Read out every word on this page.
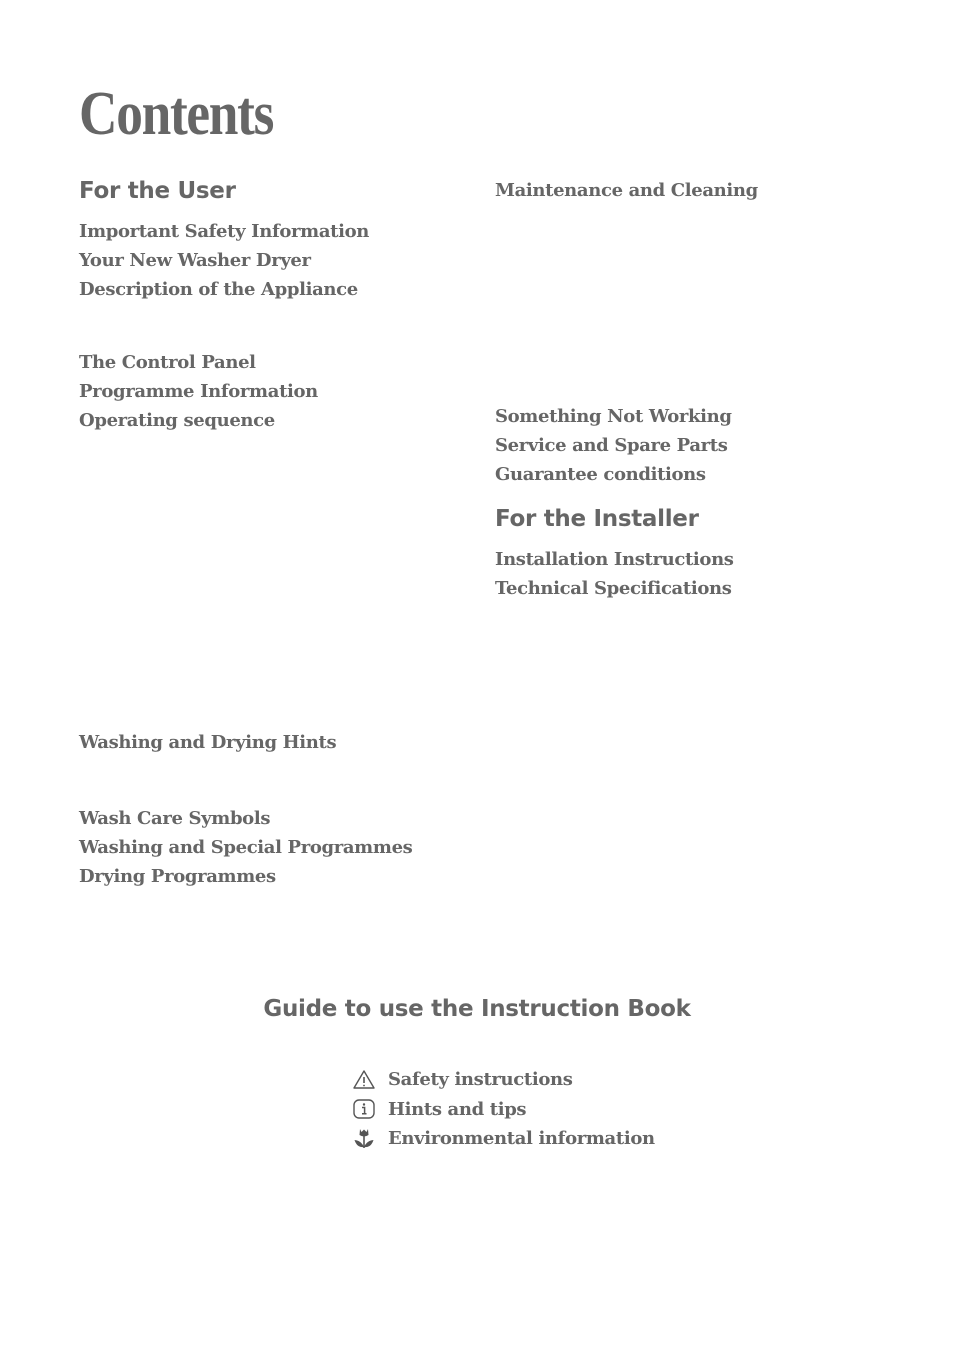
Contents
For the User
Important Safety Information
Your New Washer Dryer
Description of the Appliance
The Control Panel
Programme Information
Operating sequence
Washing and Drying Hints
Wash Care Symbols
Washing and Special Programmes
Drying Programmes
Maintenance and Cleaning
Something Not Working
Service and Spare Parts
Guarantee conditions
For the Installer
Installation Instructions
Technical Specifications
Guide to use the Instruction Book
Safety instructions
Hints and tips
Environmental information
